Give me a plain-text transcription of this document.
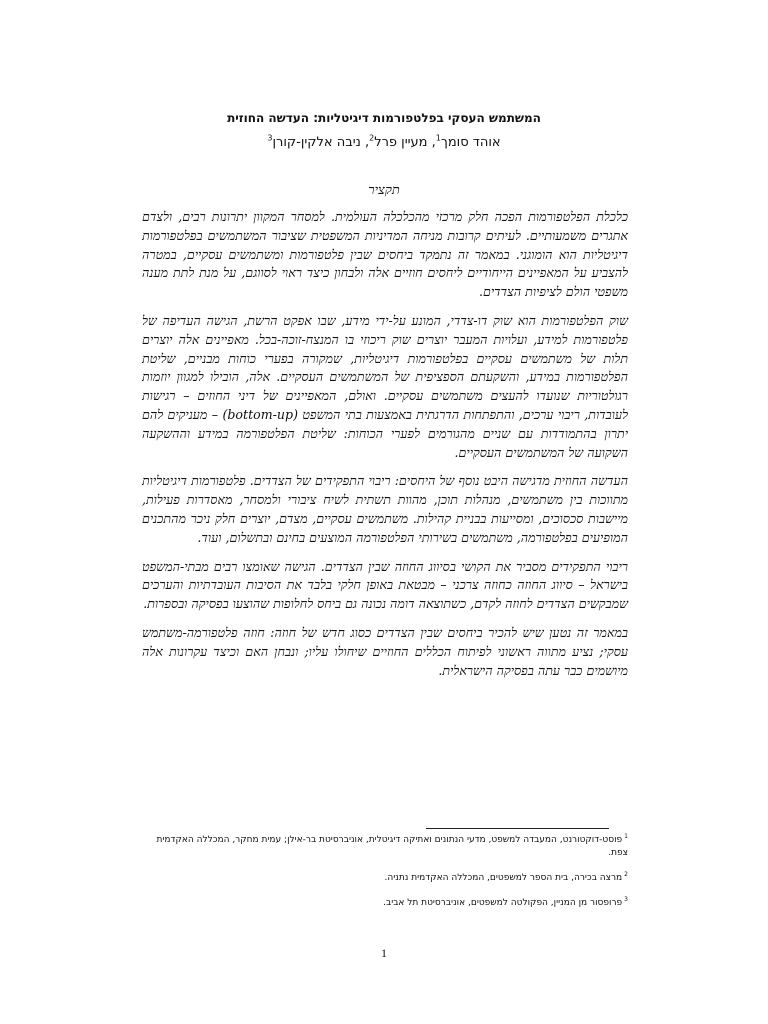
המשתמש העסקי בפלטפורמות דיגיטליות: העדשה החוזית
אוהד סומך$^1$, מעיין פרל$^2$, ניבה אלקין-קורן$^3$
תקציר

כלכלת הפלטפורמות הפכה חלק מרכזי מהכלכלה העולמית. למסחר המקוון יתרונות רבים, ולצדם אתגרים משמעותיים. לעיתים קרובות מניחה המדיניות המשפטית שציבור המשתמשים בפלטפורמות דיגיטליות הוא הומוגני. במאמר זה נתמקד ביחסים שבין פלטפורמות ומשתמשים עסקיים, במטרה להצביע על המאפיינים הייחודיים ליחסים חוזיים אלה ולבחון כיצד ראוי לסווגם, על מנת לתת מענה משפטי הולם לציפיות הצדדים.

שוק הפלטפורמות הוא שוק דו-צדדי, המונע על-ידי מידע, שבו אפקט הרשת, הגישה העדיפה של פלטפורמות למידע, ועלויות המעבר יוצרים שוק ריכוזי בו המנצח-זוכה-בכל. מאפיינים אלה יוצרים תלות של משתמשים עסקיים בפלטפורמות דיגיטליות, שמקורה בפערי כוחות מבניים, שליטת הפלטפורמות במידע, והשקעתם הספציפית של המשתמשים העסקיים. אלה, הובילו למגוון יוזמות רגולטוריות שנועדו להעצים משתמשים עסקיים. ואולם, המאפיינים של דיני החוזים – רגישות לעובדות, ריבוי ערכים, והתפתחות הדרגתית באמצעות בתי המשפט (bottom-up) – מעניקים להם יתרון בהתמודדות עם שניים מהגורמים לפערי הכוחות: שליטת הפלטפורמה במידע וההשקעה השקועה של המשתמשים העסקיים.

העדשה החוזית מדגישה היבט נוסף של היחסים: ריבוי התפקידים של הצדדים. פלטפורמות דיגיטליות מתווכות בין משתמשים, מנהלות תוכן, מהוות תשתית לשיח ציבורי ולמסחר, מאסדרות פעילות, מיישבות סכסוכים, ומסייעות בבניית קהילות. משתמשים עסקיים, מצדם, יוצרים חלק ניכר מהתכנים המופיעים בפלטפורמה, משתמשים בשירותי הפלטפורמה המוצעים בחינם ובתשלום, ועוד.

ריבוי התפקידים מסביר את הקושי בסיווג החוזה שבין הצדדים. הגישה שאומצו רבים מבתי-המשפט בישראל – סיווג החוזה כחוזה צרכני – מבטאת באופן חלקי בלבד את הסיבות העובדתיות והערכים שמבקשים הצדדים לחוזה לקדם, כשתוצאה דומה נכונה גם ביחס לחלופות שהוצעו בפסיקה ובספרות.

במאמר זה נטען שיש להכיר ביחסים שבין הצדדים כסוג חדש של חוזה: חוזה פלטפורמה-משתמש עסקי; נציע מתווה ראשוני לפיתוח הכללים החוזיים שיחולו עליו; ונבחן האם וכיצד עקרונות אלה מיושמים כבר עתה בפסיקה הישראלית.

$^1$פוסט-דוקטורנט, המעבדה למשפט, מדעי הנתונים ואתיקה דיגיטלית, אוניברסיטת בר-אילן; עמית מחקר, המכללה האקדמית צפת.
$^2$מרצה בכירה, בית הספר למשפטים, המכללה האקדמית נתניה.
$^3$פרופסור מן המניין, הפקולטה למשפטים, אוניברסיטת תל אביב.
1
